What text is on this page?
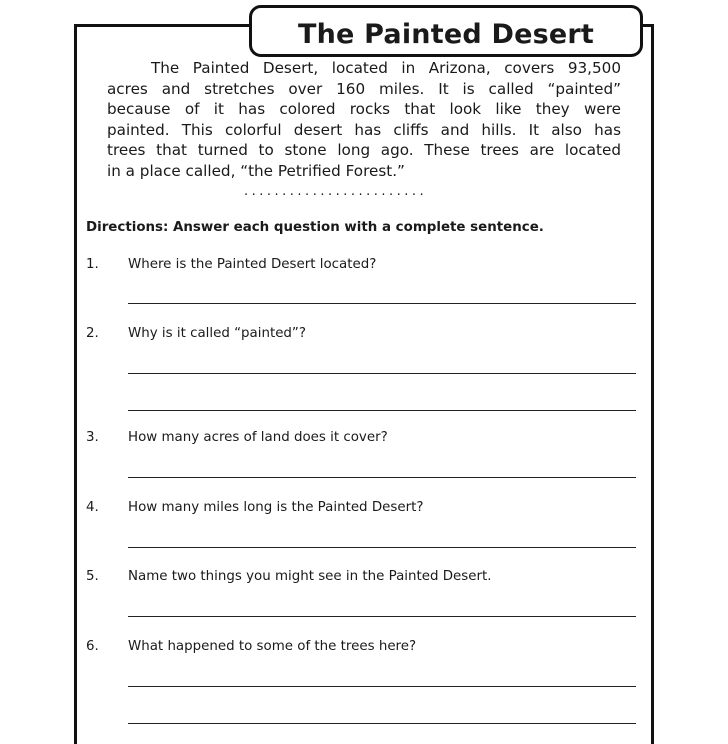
The Painted Desert

The Painted Desert, located in Arizona, covers 93,500
acres and stretches over 160 miles. It is called “painted”
because of it has colored rocks that look like they were
painted. This colorful desert has cliffs and hills. It also has
trees that turned to stone long ago. These trees are located
in a place called, “the Petrified Forest.”

........................
Directions: Answer each question with a complete sentence.
1. Where is the Painted Desert located?
2. Why is it called “painted”?
3. How many acres of land does it cover?
4. How many miles long is the Painted Desert?
5. Name two things you might see in the Painted Desert.
6. What happened to some of the trees here?
